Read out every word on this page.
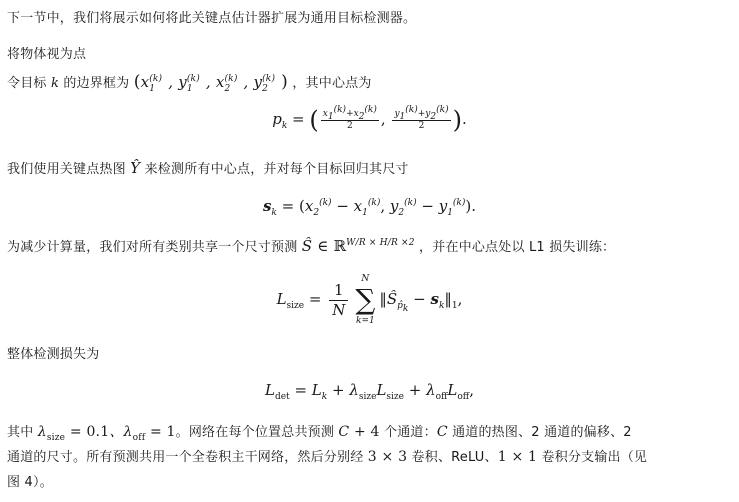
下一节中，我们将展示如何将此关键点估计器扩展为通用目标检测器。
将物体视为点
令目标 k 的边界框为 ($x_1^{(k)}$ , $y_1^{(k)}$ , $x_2^{(k)}$ , $y_2^{(k)}$ ) ，其中心点为
$p_k$ = ( $\frac{x_1^{(k)}+x_2^{(k)}}{2}$ , $\frac{y_1^{(k)}+y_2^{(k)}}{2}$ ).
我们使用关键点热图 Ŷ 来检测所有中心点，并对每个目标回归其尺寸
$s_k = (x_2^{(k)} - x_1^{(k)}$, $y_2^{(k)} - y_1^{(k)}$).
为减少计算量，我们对所有类别共享一个尺寸预测 Ŝ ∈ ℝ$^{W/R \times H/R \times 2}$ ，并在中心点处以 L1 损失训练：
$L_{size} = \frac{1}{N}$
N
∑
k=1
$‖Ŝ_{p̂_k}$ − $s_k‖_1$,
整体检测损失为
$L_{det} = L_k + \lambda_{size}L_{size} + \lambda_{off}L_{off}$,
其中 $\lambda_{size} = 0.1$、$\lambda_{off} = 1$。网络在每个位置总共预测 C + 4 个通道：C 通道的热图、2 通道的偏移、2
通道的尺寸。所有预测共用一个全卷积主干网络，然后分别经 3 × 3 卷积、ReLU、1 × 1 卷积分支输出（见
图 4）。
